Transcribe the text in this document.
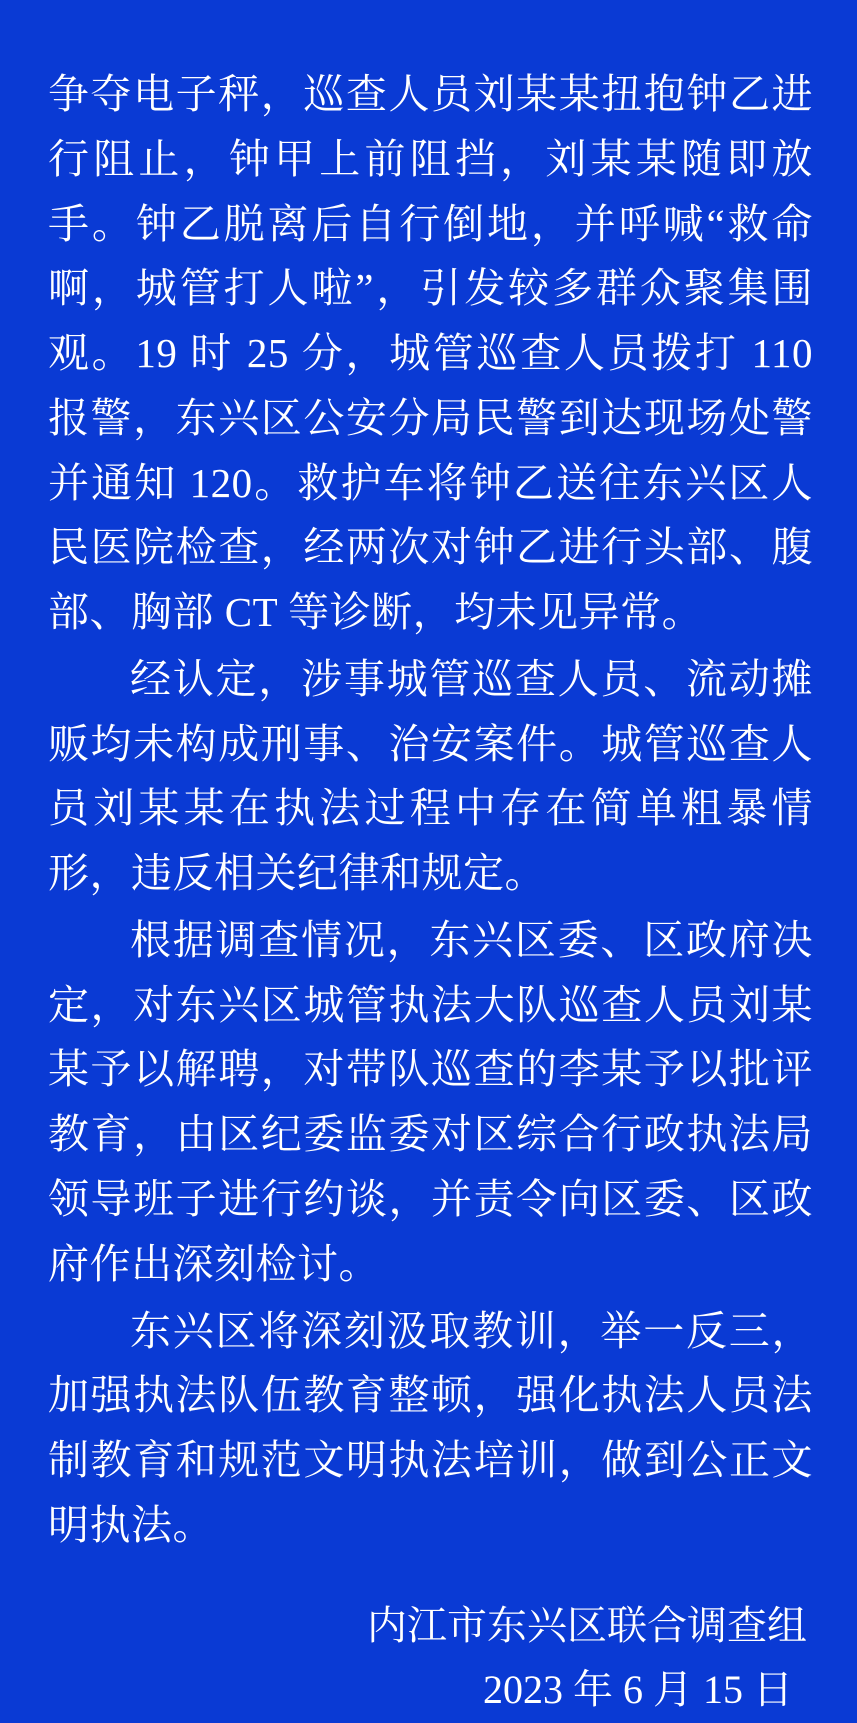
争夺电子秤，巡查人员刘某某扭抱钟乙进行阻止，钟甲上前阻挡，刘某某随即放手。钟乙脱离后自行倒地，并呼喊“救命啊，城管打人啦”，引发较多群众聚集围观。19 时 25 分，城管巡查人员拨打 110 报警，东兴区公安分局民警到达现场处警并通知 120。救护车将钟乙送往东兴区人民医院检查，经两次对钟乙进行头部、腹部、胸部 CT 等诊断，均未见异常。

经认定，涉事城管巡查人员、流动摊贩均未构成刑事、治安案件。城管巡查人员刘某某在执法过程中存在简单粗暴情形，违反相关纪律和规定。

根据调查情况，东兴区委、区政府决定，对东兴区城管执法大队巡查人员刘某某予以解聘，对带队巡查的李某予以批评教育，由区纪委监委对区综合行政执法局领导班子进行约谈，并责令向区委、区政府作出深刻检讨。

东兴区将深刻汲取教训，举一反三，加强执法队伍教育整顿，强化执法人员法制教育和规范文明执法培训，做到公正文明执法。

内江市东兴区联合调查组
2023 年 6 月 15 日
